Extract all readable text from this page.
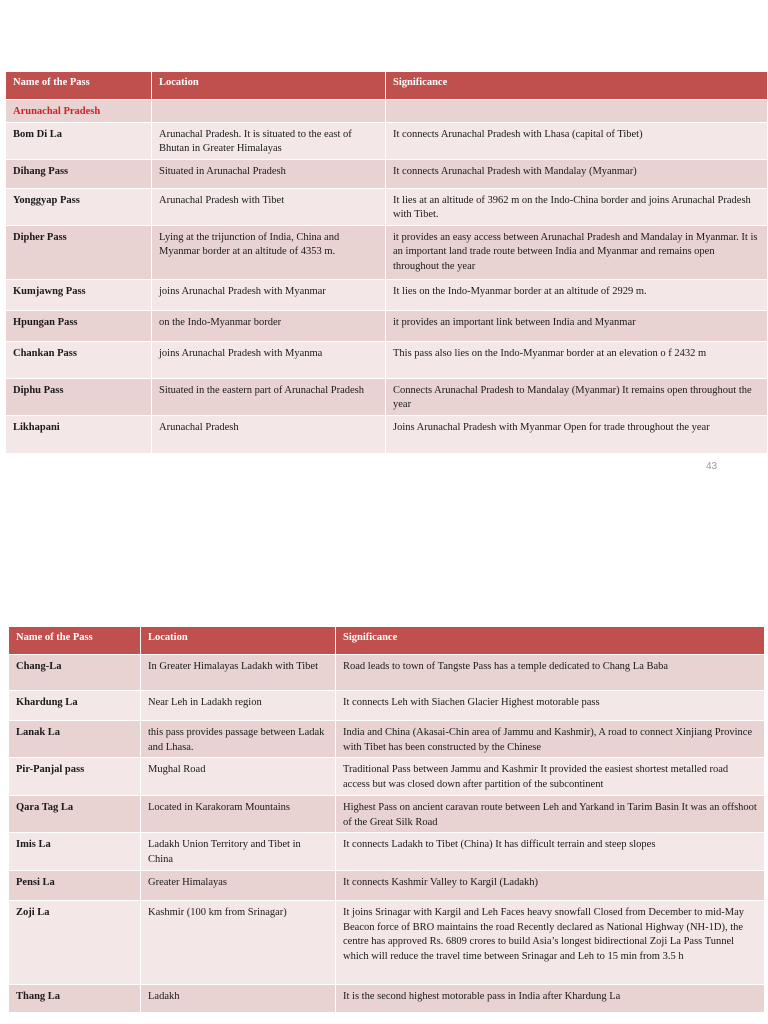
Name of the Pass	Location	Significance
Arunachal Pradesh		
Bom Di La	Arunachal Pradesh. It is situated to the east of Bhutan in Greater Himalayas	It connects Arunachal Pradesh with Lhasa (capital of Tibet)
Dihang Pass	Situated in Arunachal Pradesh	It connects Arunachal Pradesh with Mandalay (Myanmar)
Yonggyap Pass	Arunachal Pradesh with Tibet	It lies at an altitude of 3962 m on the Indo-China border and joins Arunachal Pradesh with Tibet.
Dipher Pass	Lying at the trijunction of India, China and Myanmar border at an altitude of 4353 m.	it provides an easy access between Arunachal Pradesh and Mandalay in Myanmar. It is an important land trade route between India and Myanmar and remains open throughout the year
Kumjawng Pass	joins Arunachal Pradesh with Myanmar	It lies on the Indo-Myanmar border at an altitude of 2929 m.
Hpungan Pass	on the Indo-Myanmar border	it provides an important link between India and Myanmar
Chankan Pass	joins Arunachal Pradesh with Myanma	This pass also lies on the Indo-Myanmar border at an elevation o f 2432 m
Diphu Pass	Situated in the eastern part of Arunachal Pradesh	Connects Arunachal Pradesh to Mandalay (Myanmar) It remains open throughout the year
Likhapani	Arunachal Pradesh	Joins Arunachal Pradesh with Myanmar Open for trade throughout the year
43
Name of the Pass	Location	Significance
Chang-La	In Greater Himalayas Ladakh with Tibet	Road leads to town of Tangste Pass has a temple dedicated to Chang La Baba
Khardung La	Near Leh in Ladakh region	It connects Leh with Siachen Glacier Highest motorable pass
Lanak La	this pass provides passage between Ladak and Lhasa.	India and China (Akasai-Chin area of Jammu and Kashmir), A road to connect Xinjiang Province with Tibet has been constructed by the Chinese
Pir-Panjal pass	Mughal Road	Traditional Pass between Jammu and Kashmir It provided the easiest shortest metalled road access but was closed down after partition of the subcontinent
Qara Tag La	Located in Karakoram Mountains	Highest Pass on ancient caravan route between Leh and Yarkand in Tarim Basin It was an offshoot of the Great Silk Road
Imis La	Ladakh Union Territory and Tibet in China	It connects Ladakh to Tibet (China) It has difficult terrain and steep slopes
Pensi La	Greater Himalayas	It connects Kashmir Valley to Kargil (Ladakh)
Zoji La	Kashmir (100 km from Srinagar)	It joins Srinagar with Kargil and Leh Faces heavy snowfall Closed from December to mid-May Beacon force of BRO maintains the road Recently declared as National Highway (NH-1D), the centre has approved Rs. 6809 crores to build Asia’s longest bidirectional Zoji La Pass Tunnel which will reduce the travel time between Srinagar and Leh to 15 min from 3.5 h
Thang La	Ladakh	It is the second highest motorable pass in India after Khardung La
